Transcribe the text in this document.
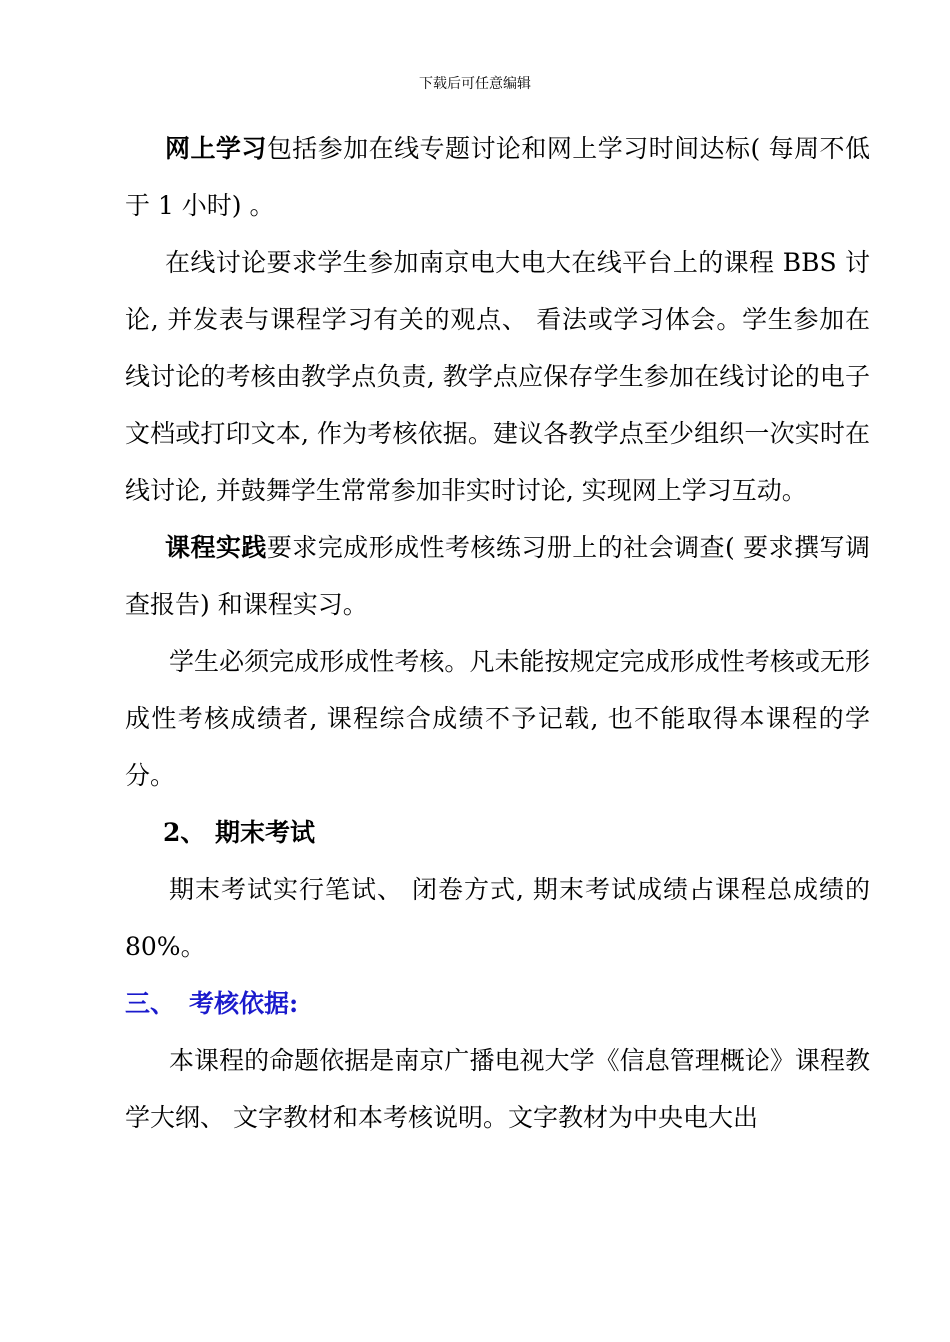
下载后可任意编辑

网上学习包括参加在线专题讨论和网上学习时间达标( 每周不低于 1 小时) 。

在线讨论要求学生参加南京电大电大在线平台上的课程 BBS 讨论, 并发表与课程学习有关的观点、 看法或学习体会。学生参加在线讨论的考核由教学点负责, 教学点应保存学生参加在线讨论的电子文档或打印文本, 作为考核依据。建议各教学点至少组织一次实时在线讨论, 并鼓舞学生常常参加非实时讨论, 实现网上学习互动。

课程实践要求完成形成性考核练习册上的社会调查( 要求撰写调查报告) 和课程实习。

学生必须完成形成性考核。凡未能按规定完成形成性考核或无形成性考核成绩者, 课程综合成绩不予记载, 也不能取得本课程的学分。

2、 期末考试

期末考试实行笔试、 闭卷方式, 期末考试成绩占课程总成绩的 80%。

三、 考核依据:

本课程的命题依据是南京广播电视大学《信息管理概论》课程教学大纲、 文字教材和本考核说明。文字教材为中央电大出
